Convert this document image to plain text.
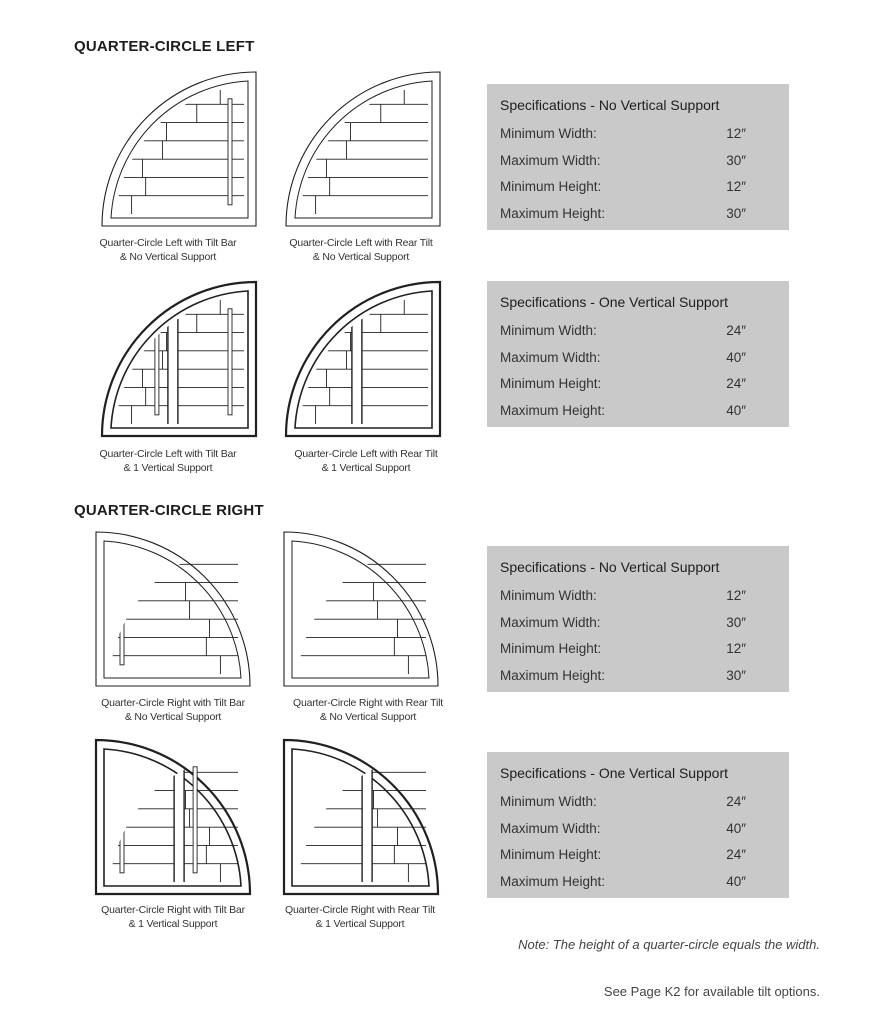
QUARTER-CIRCLE LEFT
QUARTER-CIRCLE RIGHT
Quarter-Circle Left with Tilt Bar
& No Vertical Support
Quarter-Circle Left with Rear Tilt
& No Vertical Support
Quarter-Circle Left with Tilt Bar
& 1 Vertical Support
Quarter-Circle Left with Rear Tilt
& 1 Vertical Support
Quarter-Circle Right with Tilt Bar
& No Vertical Support
Quarter-Circle Right with Rear Tilt
& No Vertical Support
Quarter-Circle Right with Tilt Bar
& 1 Vertical Support
Quarter-Circle Right with Rear Tilt
& 1 Vertical Support
Specifications - No Vertical Support
Minimum Width:	12″
Maximum Width:	30″
Minimum Height:	12″
Maximum Height:	30″
Specifications - One Vertical Support
Minimum Width:	24″
Maximum Width:	40″
Minimum Height:	24″
Maximum Height:	40″
Specifications - No Vertical Support
Minimum Width:	12″
Maximum Width:	30″
Minimum Height:	12″
Maximum Height:	30″
Specifications - One Vertical Support
Minimum Width:	24″
Maximum Width:	40″
Minimum Height:	24″
Maximum Height:	40″
Note: The height of a quarter-circle equals the width.
See Page K2 for available tilt options.
